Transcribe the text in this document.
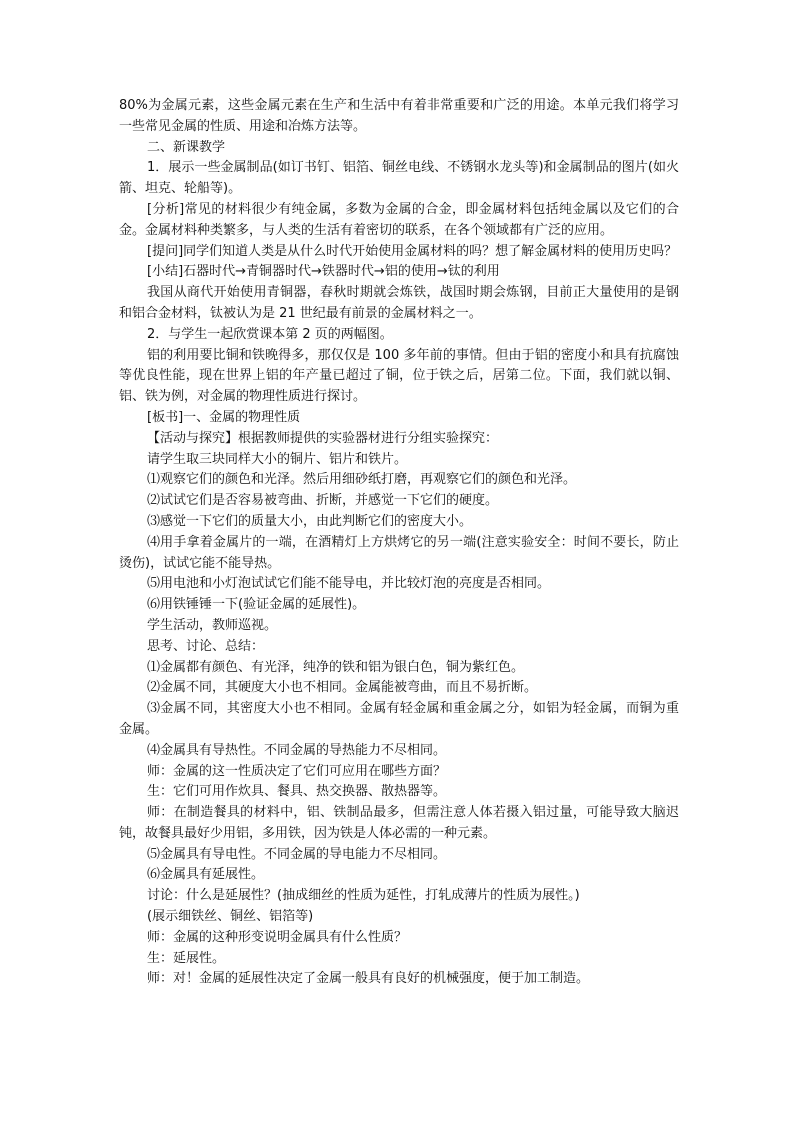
80%为金属元素，这些金属元素在生产和生活中有着非常重要和广泛的用途。本单元我们将学习一些常见金属的性质、用途和冶炼方法等。

二、新课教学

1．展示一些金属制品(如订书钉、铝箔、铜丝电线、不锈钢水龙头等)和金属制品的图片(如火箭、坦克、轮船等)。

[分析]常见的材料很少有纯金属，多数为金属的合金，即金属材料包括纯金属以及它们的合金。金属材料种类繁多，与人类的生活有着密切的联系，在各个领域都有广泛的应用。

[提问]同学们知道人类是从什么时代开始使用金属材料的吗？想了解金属材料的使用历史吗？

[小结]石器时代→青铜器时代→铁器时代→铝的使用→钛的利用

我国从商代开始使用青铜器，春秋时期就会炼铁，战国时期会炼钢，目前正大量使用的是钢和铝合金材料，钛被认为是 21 世纪最有前景的金属材料之一。

2．与学生一起欣赏课本第 2 页的两幅图。

铝的利用要比铜和铁晚得多，那仅仅是 100 多年前的事情。但由于铝的密度小和具有抗腐蚀等优良性能，现在世界上铝的年产量已超过了铜，位于铁之后，居第二位。下面，我们就以铜、铝、铁为例，对金属的物理性质进行探讨。

[板书]一、金属的物理性质

【活动与探究】根据教师提供的实验器材进行分组实验探究：

请学生取三块同样大小的铜片、铝片和铁片。

⑴观察它们的颜色和光泽。然后用细砂纸打磨，再观察它们的颜色和光泽。

⑵试试它们是否容易被弯曲、折断，并感觉一下它们的硬度。

⑶感觉一下它们的质量大小，由此判断它们的密度大小。

⑷用手拿着金属片的一端，在酒精灯上方烘烤它的另一端(注意实验安全：时间不要长，防止烫伤)，试试它能不能导热。

⑸用电池和小灯泡试试它们能不能导电，并比较灯泡的亮度是否相同。

⑹用铁锤锤一下(验证金属的延展性)。

学生活动，教师巡视。

思考、讨论、总结：

⑴金属都有颜色、有光泽，纯净的铁和铝为银白色，铜为紫红色。

⑵金属不同，其硬度大小也不相同。金属能被弯曲，而且不易折断。

⑶金属不同，其密度大小也不相同。金属有轻金属和重金属之分，如铝为轻金属，而铜为重金属。

⑷金属具有导热性。不同金属的导热能力不尽相同。

师：金属的这一性质决定了它们可应用在哪些方面？

生：它们可用作炊具、餐具、热交换器、散热器等。

师：在制造餐具的材料中，铝、铁制品最多，但需注意人体若摄入铝过量，可能导致大脑迟钝，故餐具最好少用铝，多用铁，因为铁是人体必需的一种元素。

⑸金属具有导电性。不同金属的导电能力不尽相同。

⑹金属具有延展性。

讨论：什么是延展性？(抽成细丝的性质为延性，打轧成薄片的性质为展性。)

(展示细铁丝、铜丝、铝箔等)

师：金属的这种形变说明金属具有什么性质？

生：延展性。

师：对！金属的延展性决定了金属一般具有良好的机械强度，便于加工制造。
